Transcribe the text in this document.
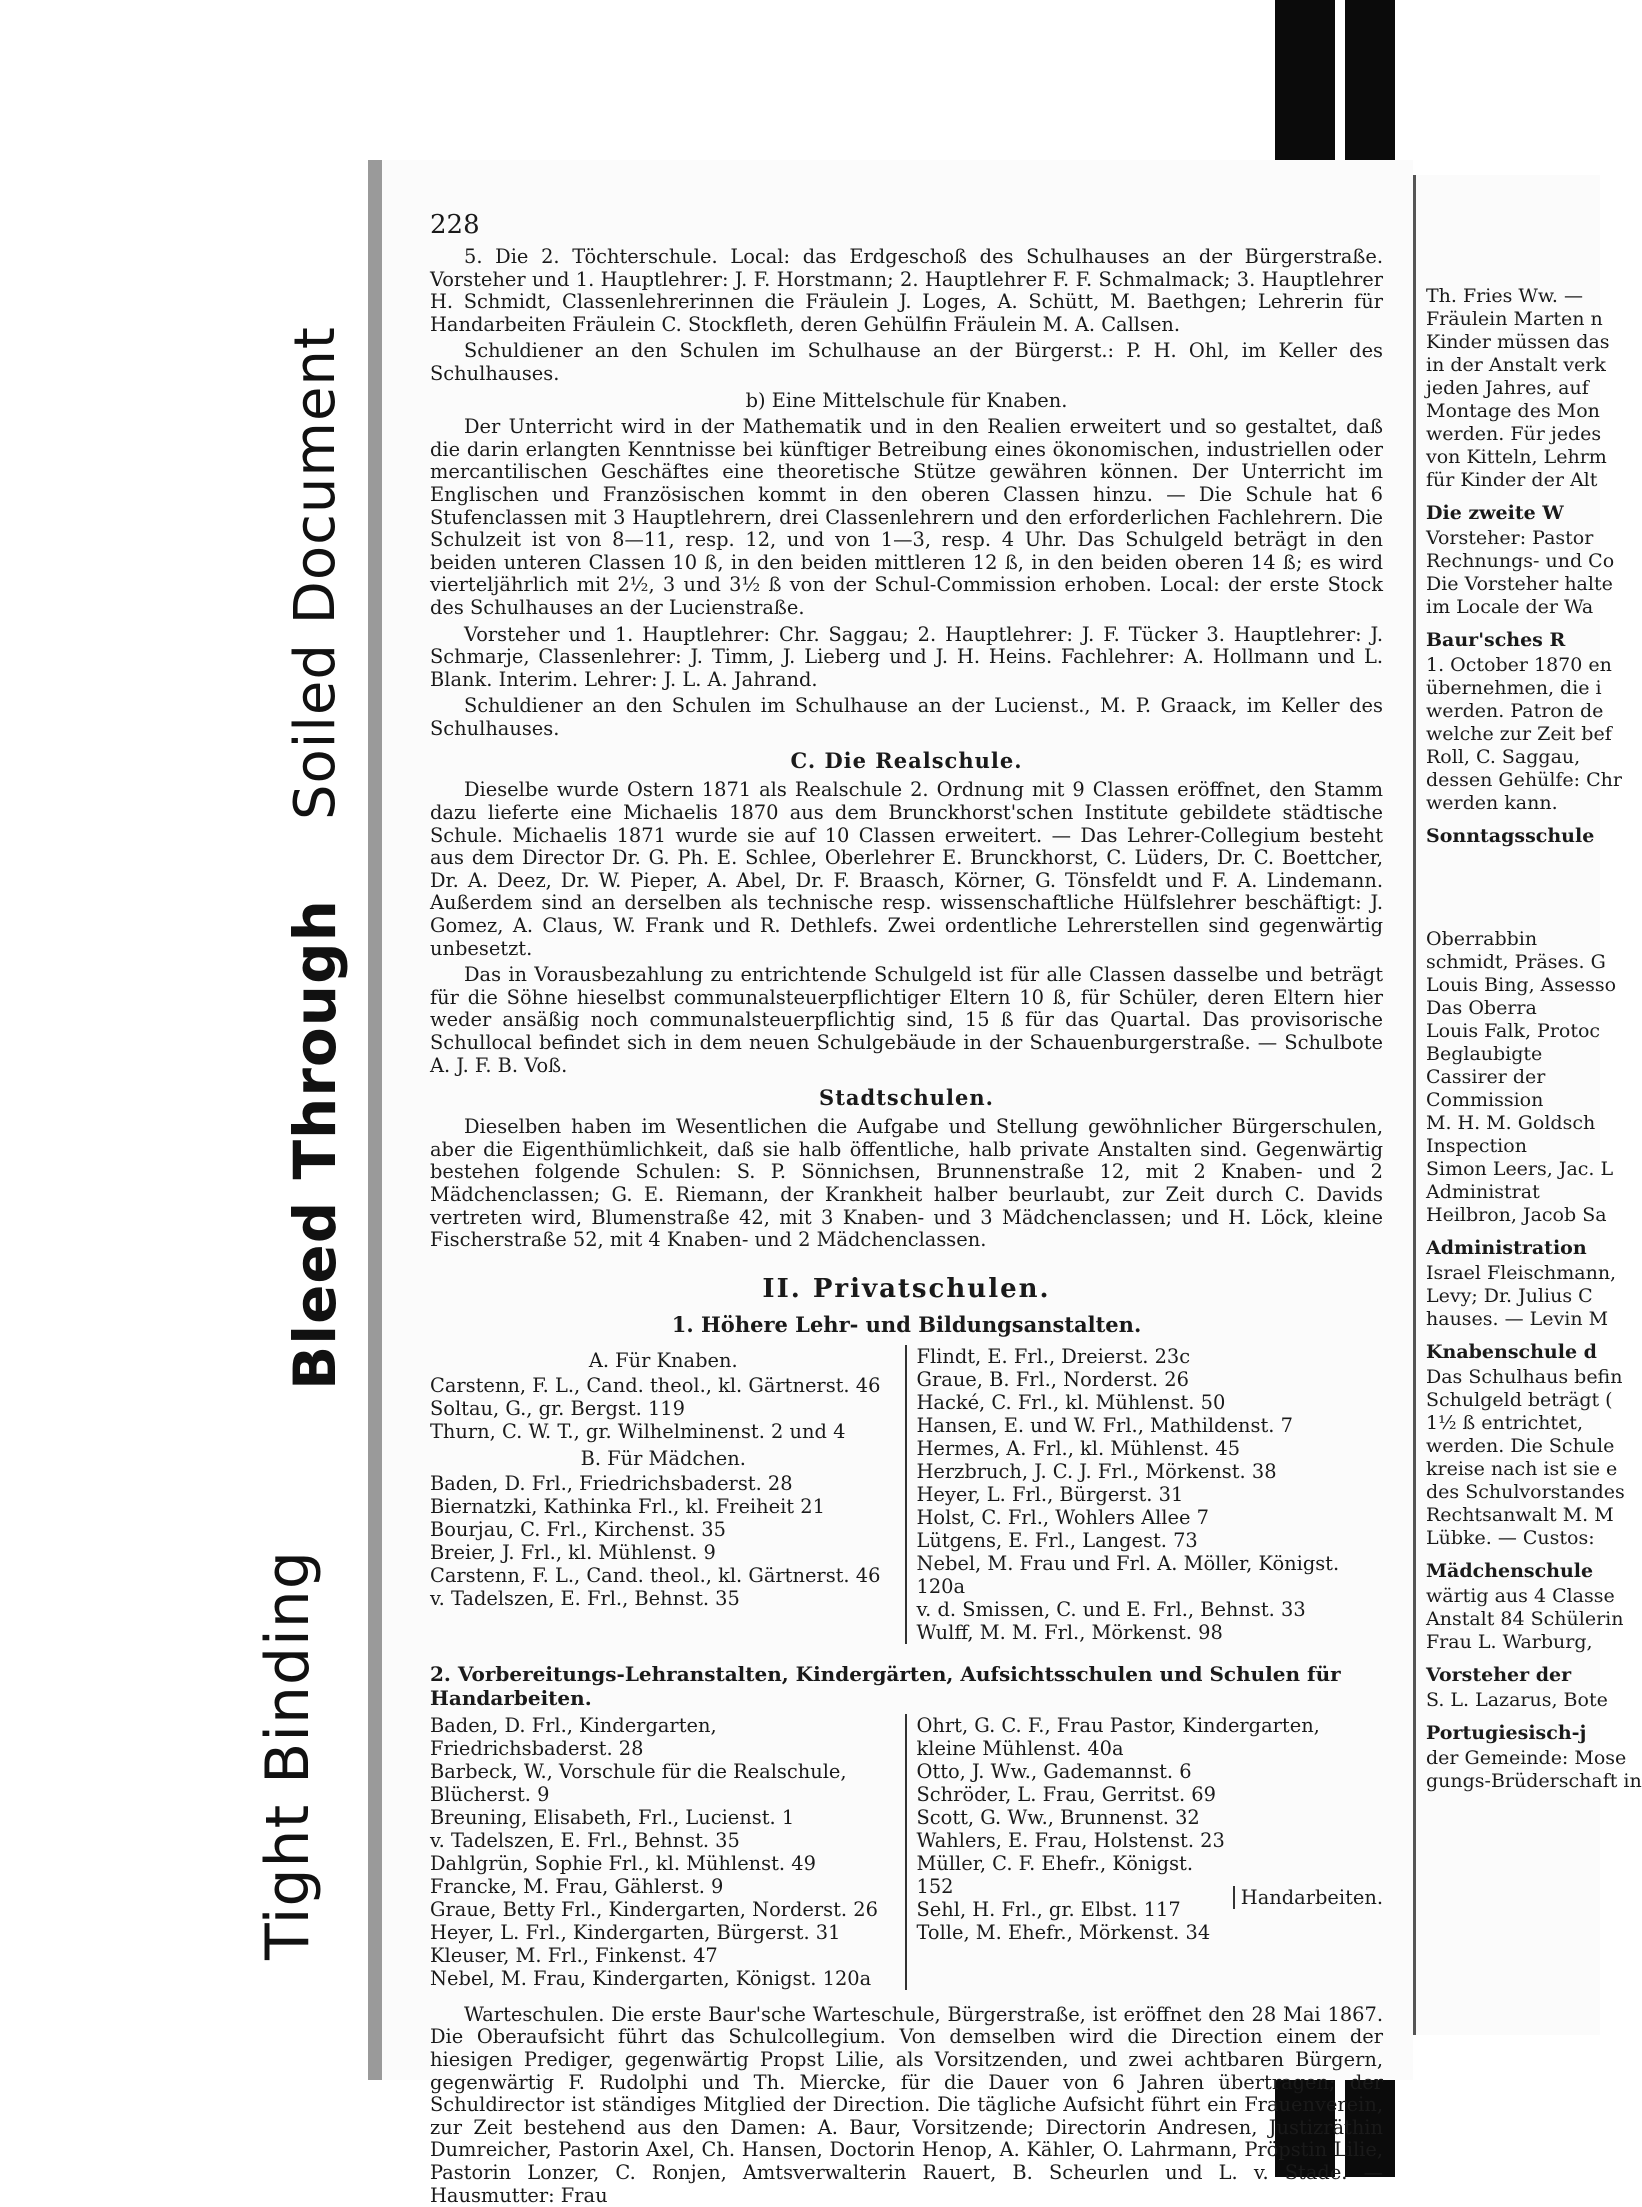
Soiled Document
Bleed Through
Tight Binding
228

5. Die 2. Töchterschule. Local: das Erdgeschoß des Schulhauses an der Bürgerstraße. Vorsteher und 1. Hauptlehrer: J. F. Horstmann; 2. Hauptlehrer F. F. Schmalmack; 3. Hauptlehrer H. Schmidt, Classenlehrerinnen die Fräulein J. Loges, A. Schütt, M. Baethgen; Lehrerin für Handarbeiten Fräulein C. Stockfleth, deren Gehülfin Fräulein M. A. Callsen.

Schuldiener an den Schulen im Schulhause an der Bürgerst.: P. H. Ohl, im Keller des Schulhauses.

b) Eine Mittelschule für Knaben.

Der Unterricht wird in der Mathematik und in den Realien erweitert und so gestaltet, daß die darin erlangten Kenntnisse bei künftiger Betreibung eines ökonomischen, industriellen oder mercantilischen Geschäftes eine theoretische Stütze gewähren können. Der Unterricht im Englischen und Französischen kommt in den oberen Classen hinzu. — Die Schule hat 6 Stufenclassen mit 3 Hauptlehrern, drei Classenlehrern und den erforderlichen Fachlehrern. Die Schulzeit ist von 8—11, resp. 12, und von 1—3, resp. 4 Uhr. Das Schulgeld beträgt in den beiden unteren Classen 10 ß, in den beiden mittleren 12 ß, in den beiden oberen 14 ß; es wird vierteljährlich mit 2½, 3 und 3½ ß von der Schul-Commission erhoben. Local: der erste Stock des Schulhauses an der Lucienstraße.

Vorsteher und 1. Hauptlehrer: Chr. Saggau; 2. Hauptlehrer: J. F. Tücker 3. Hauptlehrer: J. Schmarje, Classenlehrer: J. Timm, J. Lieberg und J. H. Heins. Fachlehrer: A. Hollmann und L. Blank. Interim. Lehrer: J. L. A. Jahrand.

Schuldiener an den Schulen im Schulhause an der Lucienst., M. P. Graack, im Keller des Schulhauses.

C. Die Realschule.

Dieselbe wurde Ostern 1871 als Realschule 2. Ordnung mit 9 Classen eröffnet, den Stamm dazu lieferte eine Michaelis 1870 aus dem Brunckhorst'schen Institute gebildete städtische Schule. Michaelis 1871 wurde sie auf 10 Classen erweitert. — Das Lehrer-Collegium besteht aus dem Director Dr. G. Ph. E. Schlee, Oberlehrer E. Brunckhorst, C. Lüders, Dr. C. Boettcher, Dr. A. Deez, Dr. W. Pieper, A. Abel, Dr. F. Braasch, Körner, G. Tönsfeldt und F. A. Lindemann. Außerdem sind an derselben als technische resp. wissenschaftliche Hülfslehrer beschäftigt: J. Gomez, A. Claus, W. Frank und R. Dethlefs. Zwei ordentliche Lehrerstellen sind gegenwärtig unbesetzt.

Das in Vorausbezahlung zu entrichtende Schulgeld ist für alle Classen dasselbe und beträgt für die Söhne hieselbst communalsteuerpflichtiger Eltern 10 ß, für Schüler, deren Eltern hier weder ansäßig noch communalsteuerpflichtig sind, 15 ß für das Quartal. Das provisorische Schullocal befindet sich in dem neuen Schulgebäude in der Schauenburgerstraße. — Schulbote A. J. F. B. Voß.

Stadtschulen.

Dieselben haben im Wesentlichen die Aufgabe und Stellung gewöhnlicher Bürgerschulen, aber die Eigenthümlichkeit, daß sie halb öffentliche, halb private Anstalten sind. Gegenwärtig bestehen folgende Schulen: S. P. Sönnichsen, Brunnenstraße 12, mit 2 Knaben- und 2 Mädchenclassen; G. E. Riemann, der Krankheit halber beurlaubt, zur Zeit durch C. Davids vertreten wird, Blumenstraße 42, mit 3 Knaben- und 3 Mädchenclassen; und H. Löck, kleine Fischerstraße 52, mit 4 Knaben- und 2 Mädchenclassen.

II. Privatschulen.
1. Höhere Lehr- und Bildungsanstalten.

A. Für Knaben.

Carstenn, F. L., Cand. theol., kl. Gärtnerst. 46

Soltau, G., gr. Bergst. 119

Thurn, C. W. T., gr. Wilhelminenst. 2 und 4

B. Für Mädchen.

Baden, D. Frl., Friedrichsbaderst. 28

Biernatzki, Kathinka Frl., kl. Freiheit 21

Bourjau, C. Frl., Kirchenst. 35

Breier, J. Frl., kl. Mühlenst. 9

Carstenn, F. L., Cand. theol., kl. Gärtnerst. 46

v. Tadelszen, E. Frl., Behnst. 35

Flindt, E. Frl., Dreierst. 23c

Graue, B. Frl., Norderst. 26

Hacké, C. Frl., kl. Mühlenst. 50

Hansen, E. und W. Frl., Mathildenst. 7

Hermes, A. Frl., kl. Mühlenst. 45

Herzbruch, J. C. J. Frl., Mörkenst. 38

Heyer, L. Frl., Bürgerst. 31

Holst, C. Frl., Wohlers Allee 7

Lütgens, E. Frl., Langest. 73

Nebel, M. Frau und Frl. A. Möller, Königst. 120a

v. d. Smissen, C. und E. Frl., Behnst. 33

Wulff, M. M. Frl., Mörkenst. 98

2. Vorbereitungs-Lehranstalten, Kindergärten, Aufsichtsschulen und Schulen für Handarbeiten.

Baden, D. Frl., Kindergarten, Friedrichsbaderst. 28

Barbeck, W., Vorschule für die Realschule, Blücherst. 9

Breuning, Elisabeth, Frl., Lucienst. 1

v. Tadelszen, E. Frl., Behnst. 35

Dahlgrün, Sophie Frl., kl. Mühlenst. 49

Francke, M. Frau, Gählerst. 9

Graue, Betty Frl., Kindergarten, Norderst. 26

Heyer, L. Frl., Kindergarten, Bürgerst. 31

Kleuser, M. Frl., Finkenst. 47

Nebel, M. Frau, Kindergarten, Königst. 120a

Ohrt, G. C. F., Frau Pastor, Kindergarten, kleine Mühlenst. 40a

Otto, J. Ww., Gademannst. 6

Schröder, L. Frau, Gerritst. 69

Scott, G. Ww., Brunnenst. 32

Wahlers, E. Frau, Holstenst. 23

Müller, C. F. Ehefr., Königst. 152

Sehl, H. Frl., gr. Elbst. 117

Tolle, M. Ehefr., Mörkenst. 34

Handarbeiten.

Warteschulen. Die erste Baur'sche Warteschule, Bürgerstraße, ist eröffnet den 28 Mai 1867. Die Oberaufsicht führt das Schulcollegium. Von demselben wird die Direction einem der hiesigen Prediger, gegenwärtig Propst Lilie, als Vorsitzenden, und zwei achtbaren Bürgern, gegenwärtig F. Rudolphi und Th. Miercke, für die Dauer von 6 Jahren übertragen; der Schuldirector ist ständiges Mitglied der Direction. Die tägliche Aufsicht führt ein Frauenverein, zur Zeit bestehend aus den Damen: A. Baur, Vorsitzende; Directorin Andresen, Justizräthin Dumreicher, Pastorin Axel, Ch. Hansen, Doctorin Henop, A. Kähler, O. Lahrmann, Pröpstin Lilie, Pastorin Lonzer, C. Ronjen, Amtsverwalterin Rauert, B. Scheurlen und L. v. Stade. — Hausmutter: Frau

Th. Fries Ww. —

Fräulein Marten n

Kinder müssen das

in der Anstalt verk

jeden Jahres, auf

Montage des Mon

werden. Für jedes

von Kitteln, Lehrm

für Kinder der Alt

Die zweite W

Vorsteher: Pastor

Rechnungs- und Co

Die Vorsteher halte

im Locale der Wa

Baur'sches R

1. October 1870 en

übernehmen, die i

werden. Patron de

welche zur Zeit bef

Roll, C. Saggau,

dessen Gehülfe: Chr

werden kann.

Sonntagsschule

Oberrabbin

schmidt, Präses. G

Louis Bing, Assesso

Das Oberra

Louis Falk, Protoc

Beglaubigte

Cassirer der

Commission

M. H. M. Goldsch

Inspection

Simon Leers, Jac. L

Administrat

Heilbron, Jacob Sa

Administration

Israel Fleischmann,

Levy; Dr. Julius C

hauses. — Levin M

Knabenschule d

Das Schulhaus befin

Schulgeld beträgt (

1½ ß entrichtet,

werden. Die Schule

kreise nach ist sie e

des Schulvorstandes

Rechtsanwalt M. M

Lübke. — Custos:

Mädchenschule

wärtig aus 4 Classe

Anstalt 84 Schülerin

Frau L. Warburg,

Vorsteher der

S. L. Lazarus, Bote

Portugiesisch-j

der Gemeinde: Mose

gungs-Brüderschaft in
